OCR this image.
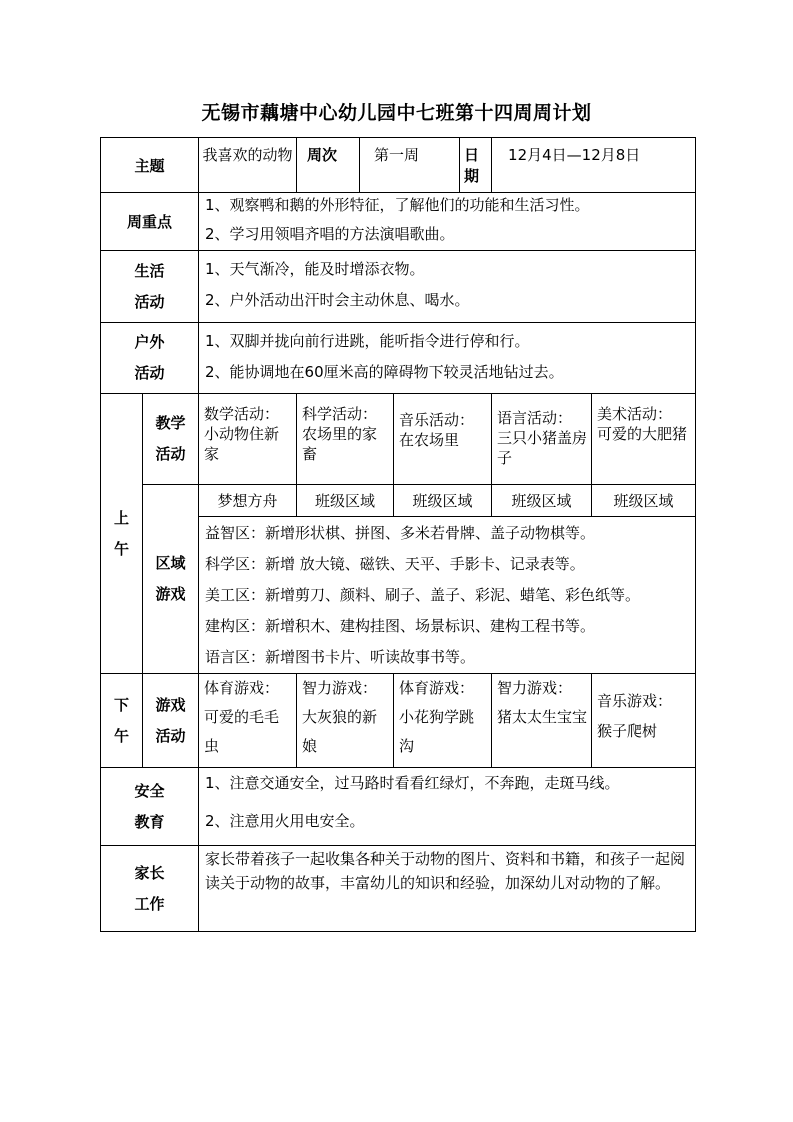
无锡市藕塘中心幼儿园中七班第十四周周计划
主题		我喜欢的动物	周次	第一周		日期	12月4日—12月8日	
周重点		1、观察鸭和鹅的外形特征，了解他们的功能和生活习性。
2、学习用领唱齐唱的方法演唱歌曲。						

生活
活动		1、天气渐冷，能及时增添衣物。
2、户外活动出汗时会主动休息、喝水。						

户外
活动		1、双脚并拢向前行进跳，能听指令进行停和行。
2、能协调地在60厘米高的障碍物下较灵活地钻过去。						

上
午	教学
活动	数学活动：
小动物住新家	科学活动：
农场里的家畜		音乐活动：
在农场里		语言活动：
三只小猪盖房子	美术活动：
可爱的大肥猪

	区域
游戏	梦想方舟	班级区域		班级区域		班级区域	班级区域

		益智区：新增形状棋、拼图、多米若骨牌、盖子动物棋等。
科学区：新增 放大镜、磁铁、天平、手影卡、记录表等。
美工区：新增剪刀、颜料、刷子、盖子、彩泥、蜡笔、彩色纸等。
建构区：新增积木、建构挂图、场景标识、建构工程书等。
语言区：新增图书卡片、听读故事书等。						

下
午	游戏
活动	体育游戏：
可爱的毛毛虫	智力游戏：
大灰狼的新娘		体育游戏：
小花狗学跳沟		智力游戏：
猪太太生宝宝	音乐游戏：
猴子爬树

安全
教育		1、注意交通安全，过马路时看看红绿灯，不奔跑，走斑马线。
2、注意用火用电安全。						

家长
工作		家长带着孩子一起收集各种关于动物的图片、资料和书籍，和孩子一起阅读关于动物的故事，丰富幼儿的知识和经验，加深幼儿对动物的了解。						
